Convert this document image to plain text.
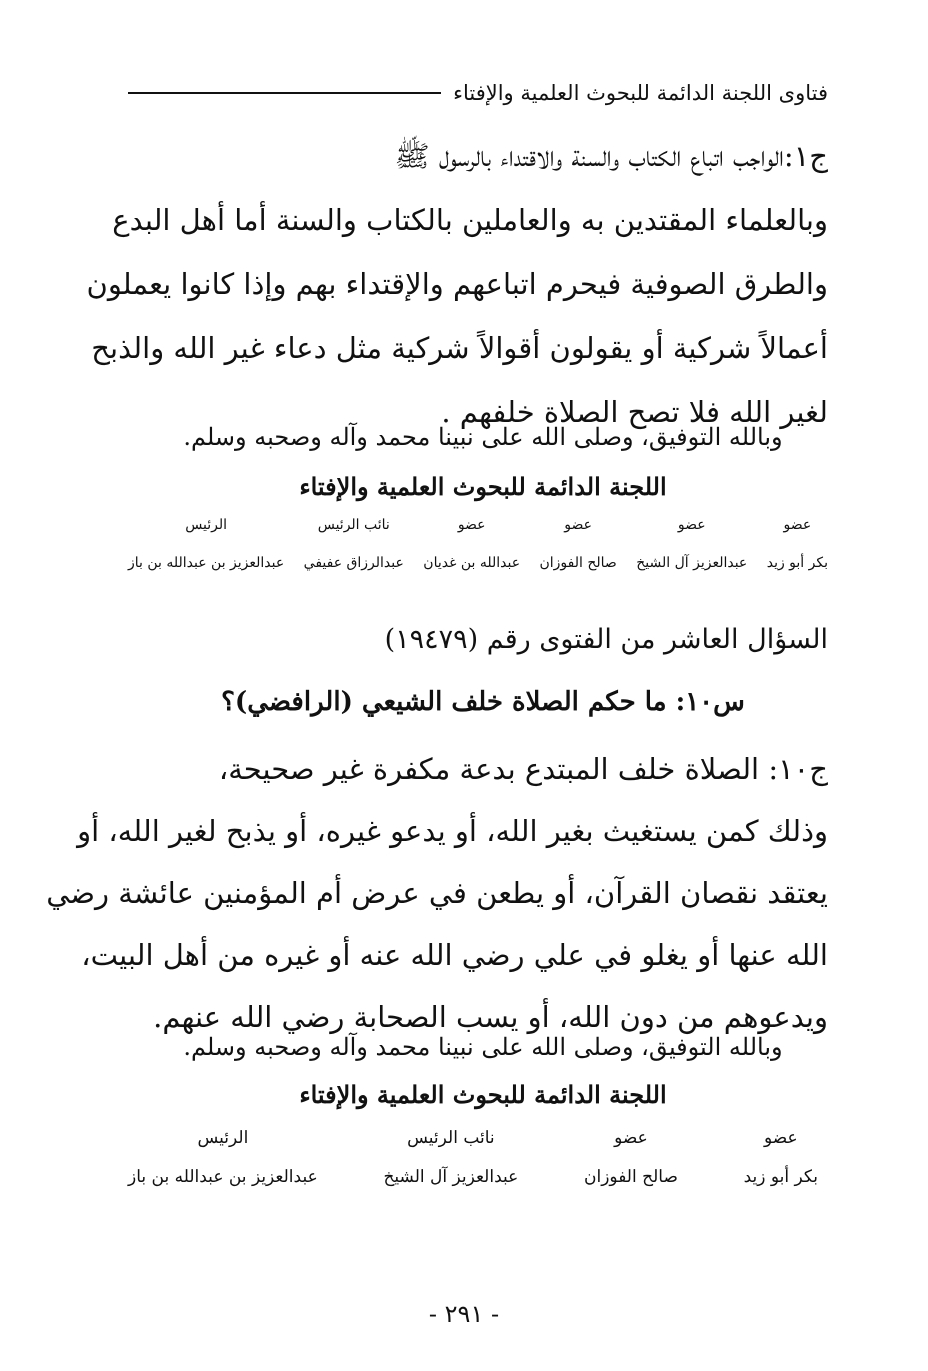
فتاوى اللجنة الدائمة للبحوث العلمية والإفتاء
ج١:الواجب اتباع الكتاب والسنة والاقتداء بالرسول ﷺ
وبالعلماء المقتدين به والعاملين بالكتاب والسنة أما أهل البدع
والطرق الصوفية فيحرم اتباعهم والإقتداء بهم وإذا كانوا يعملون
أعمالاً شركية أو يقولون أقوالاً شركية مثل دعاء غير الله والذبح
لغير الله فلا تصح الصلاة خلفهم .
وبالله التوفيق، وصلى الله على نبينا محمد وآله وصحبه وسلم.
اللجنة الدائمة للبحوث العلمية والإفتاء
عضو
بكر أبو زيد
عضو
عبدالعزيز آل الشيخ
عضو
صالح الفوزان
عضو
عبدالله بن غديان
نائب الرئيس
عبدالرزاق عفيفي
الرئيس
عبدالعزيز بن عبدالله بن باز
السؤال العاشر من الفتوى رقم (١٩٤٧٩)
س١٠: ما حكم الصلاة خلف الشيعي (الرافضي)؟
ج١٠: الصلاة خلف المبتدع بدعة مكفرة غير صحيحة،
وذلك كمن يستغيث بغير الله، أو يدعو غيره، أو يذبح لغير الله، أو
يعتقد نقصان القرآن، أو يطعن في عرض أم المؤمنين عائشة رضي
الله عنها أو يغلو في علي رضي الله عنه أو غيره من أهل البيت،
ويدعوهم من دون الله، أو يسب الصحابة رضي الله عنهم.
وبالله التوفيق، وصلى الله على نبينا محمد وآله وصحبه وسلم.
اللجنة الدائمة للبحوث العلمية والإفتاء
عضو
بكر أبو زيد
عضو
صالح الفوزان
نائب الرئيس
عبدالعزيز آل الشيخ
الرئيس
عبدالعزيز بن عبدالله بن باز
- ٢٩١ -
